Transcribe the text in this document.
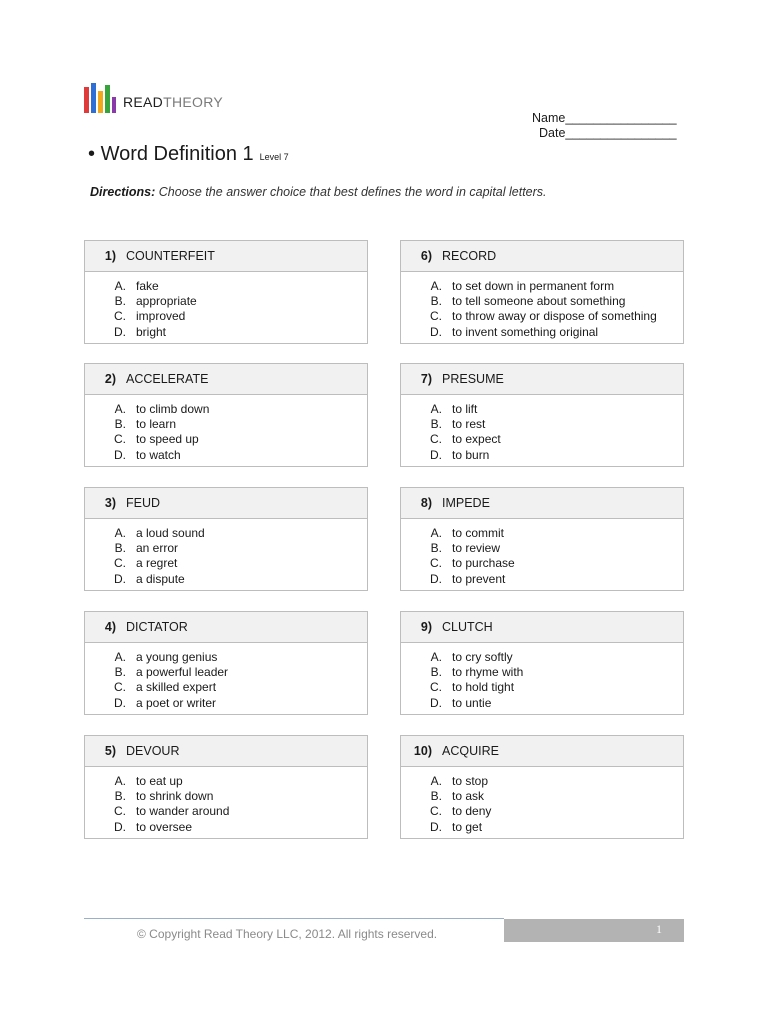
READTHEORY
Name________________
Date________________
• Word Definition 1 Level 7
Directions: Choose the answer choice that best defines the word in capital letters.
1) COUNTERFEIT
A. fake
B. appropriate
C. improved
D. bright
2) ACCELERATE
A. to climb down
B. to learn
C. to speed up
D. to watch
3) FEUD
A. a loud sound
B. an error
C. a regret
D. a dispute
4) DICTATOR
A. a young genius
B. a powerful leader
C. a skilled expert
D. a poet or writer
5) DEVOUR
A. to eat up
B. to shrink down
C. to wander around
D. to oversee
6) RECORD
A. to set down in permanent form
B. to tell someone about something
C. to throw away or dispose of something
D. to invent something original
7) PRESUME
A. to lift
B. to rest
C. to expect
D. to burn
8) IMPEDE
A. to commit
B. to review
C. to purchase
D. to prevent
9) CLUTCH
A. to cry softly
B. to rhyme with
C. to hold tight
D. to untie
10) ACQUIRE
A. to stop
B. to ask
C. to deny
D. to get
© Copyright Read Theory LLC, 2012. All rights reserved.	1
